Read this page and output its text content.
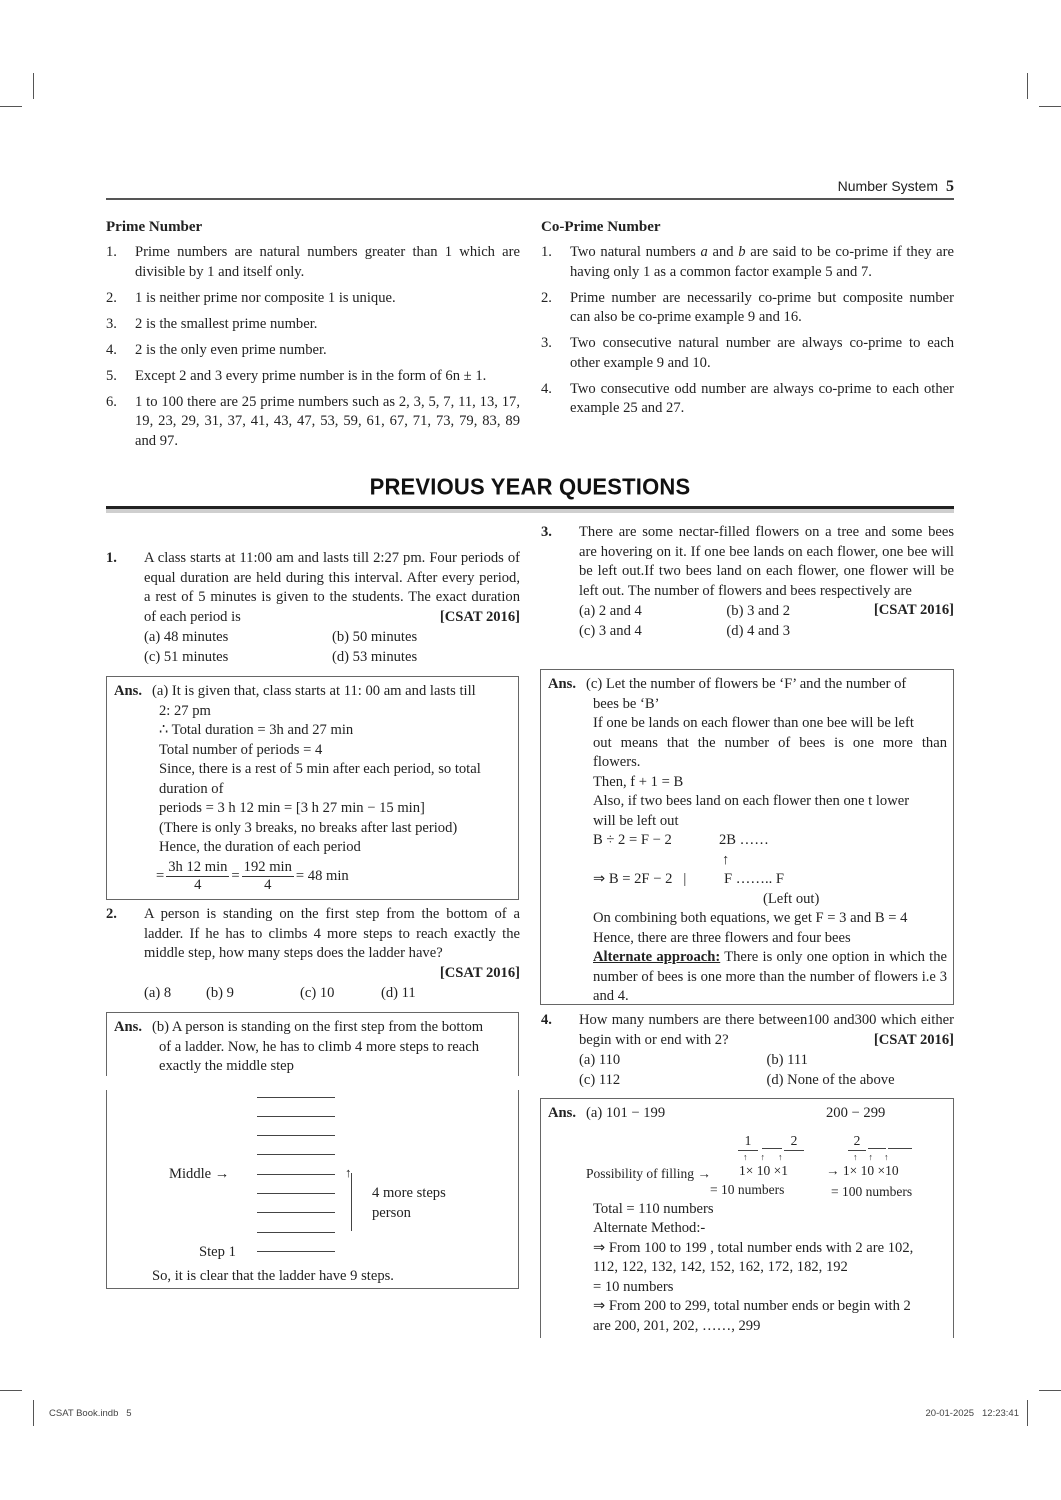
Number System 5
Prime Number
1. Prime numbers are natural numbers greater than 1 which are divisible by 1 and itself only.
2. 1 is neither prime nor composite 1 is unique.
3. 2 is the smallest prime number.
4. 2 is the only even prime number.
5. Except 2 and 3 every prime number is in the form of 6n ± 1.
6. 1 to 100 there are 25 prime numbers such as 2, 3, 5, 7, 11, 13, 17, 19, 23, 29, 31, 37, 41, 43, 47, 53, 59, 61, 67, 71, 73, 79, 83, 89 and 97.
Co-Prime Number
1. Two natural numbers a and b are said to be co-prime if they are having only 1 as a common factor example 5 and 7.
2. Prime number are necessarily co-prime but composite number can also be co-prime example 9 and 16.
3. Two consecutive natural number are always co-prime to each other example 9 and 10.
4. Two consecutive odd number are always co-prime to each other example 25 and 27.
PREVIOUS YEAR QUESTIONS
1. A class starts at 11:00 am and lasts till 2:27 pm. Four periods of equal duration are held during this interval. After every period, a rest of 5 minutes is given to the students. The exact duration of each period is	[CSAT 2016]
(a) 48 minutes	(b) 50 minutes
(c) 51 minutes	(d) 53 minutes
Ans. (a) It is given that, class starts at 11: 00 am and lasts till
2: 27 pm
∴ Total duration = 3h and 27 min
Total number of periods = 4
Since, there is a rest of 5 min after each period, so total
duration of
periods = 3 h 12 min = [3 h 27 min − 15 min]
(There is only 3 breaks, no breaks after last period)
Hence, the duration of each period
= $\frac{3h 12 \min}{4} = \frac{192 \min}{4} = 48$ min
2. A person is standing on the first step from the bottom of a ladder. If he has to climbs 4 more steps to reach exactly the middle step, how many steps does the ladder have?

[CSAT 2016]
(a) 8	(b) 9	(c) 10	(d) 11
Ans. (b) A person is standing on the first step from the bottom
of a ladder. Now, he has to climb 4 more steps to reach
exactly the middle step
Middle →	↑
4 more steps
person
Step 1
So, it is clear that the ladder have 9 steps.
3. There are some nectar-filled flowers on a tree and some bees are hovering on it. If one bee lands on each flower, one bee will be left out.If two bees land on each flower, one flower will be left out. The number of flowers and bees respectively are
[CSAT 2016]
(a) 2 and 4	(b) 3 and 2
(c) 3 and 4	(d) 4 and 3
Ans. (c) Let the number of flowers be ‘F’ and the number of
bees be ‘B’
If one be lands on each flower than one bee will be left
out means that the number of bees is one more than
flowers.
Then, f + 1 = B
Also, if two bees land on each flower then one t lower
will be left out
B ÷ 2 = F − 2	2B ……
↑
⇒ B = 2F − 2   |	F …….. F
(Left out)
On combining both equations, we get F = 3 and B = 4
Hence, there are three flowers and four bees
Alternate approach: There is only one option in which the number of bees is one more than the number of flowers i.e 3 and 4.
4. How many numbers are there between100 and300 which either begin with or end with 2?	[CSAT 2016]
(a) 110	(b) 111
(c) 112	(d) None of the above
Ans. (a) 101 − 199	200 − 299
1	2
↑↑↑
Possibility of filling → 1× 10 ×1
= 10 numbers
2
↑↑↑
→ 1× 10 ×10
= 100 numbers
Total = 110 numbers
Alternate Method:-
⇒ From 100 to 199 , total number ends with 2 are 102,
112, 122, 132, 142, 152, 162, 172, 182, 192
= 10 numbers
⇒ From 200 to 299, total number ends or begin with 2
are 200, 201, 202, ……, 299
CSAT Book.indb   5	20-01-2025   12:23:41
